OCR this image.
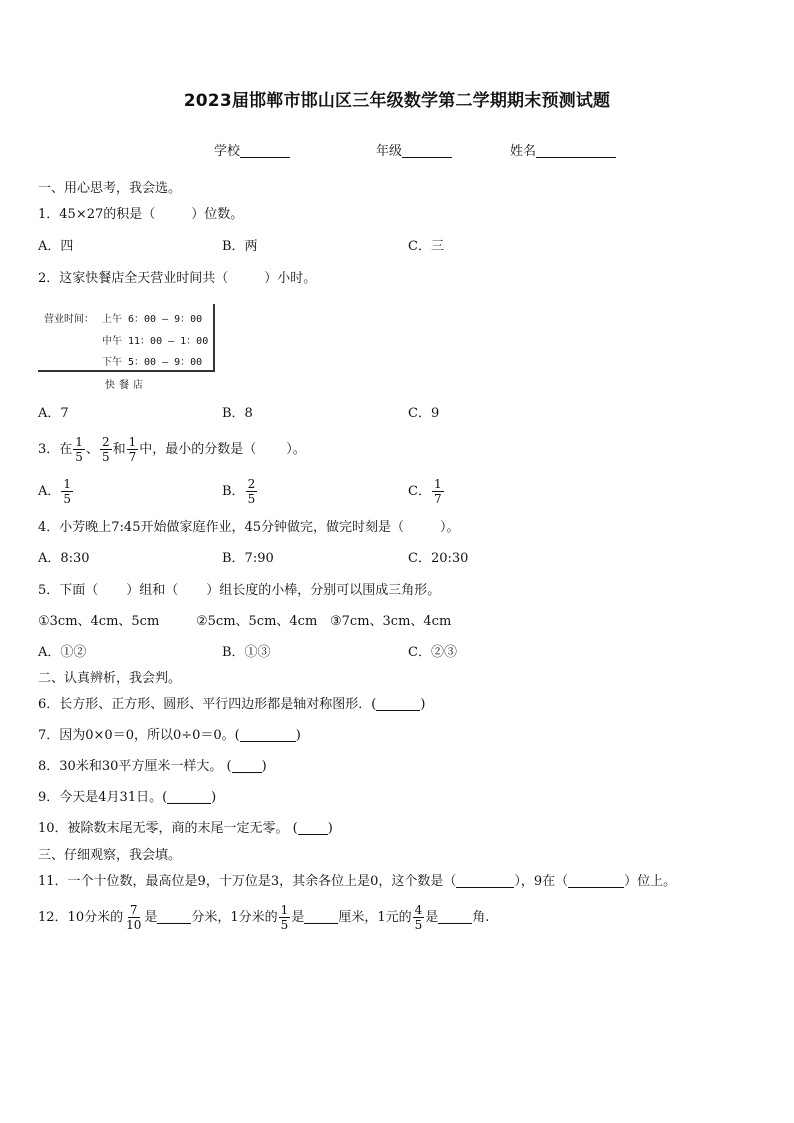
2023届邯郸市邯山区三年级数学第二学期期末预测试题
学校	年级	姓名
一、用心思考，我会选。
1．45×27的积是（	）位数。
A．四	B．两	C．三
2．这家快餐店全天营业时间共（	）小时。
营业时间： 上午 6：00 — 9：00
中午 11：00 — 1：00
下午 5：00 — 9：00
快餐店
A．7	B．8	C．9
3．在 $\frac{1}{5}$ 、 $\frac{2}{5}$ 和 $\frac{1}{7}$ 中，最小的分数是（ ）。
A． $\frac{1}{5}$	B． $\frac{2}{5}$	C． $\frac{1}{7}$
4．小芳晚上7:45开始做家庭作业，45分钟做完，做完时刻是（	）。
A．8:30	B．7:90	C．20:30
5．下面（ ）组和（ ）组长度的小棒，分别可以围成三角形。
①3cm、4cm、5cm	②5cm、5cm、4cm ③7cm、3cm、4cm
A．①②	B．①③	C．②③
二、认真辨析，我会判。
6．长方形、正方形、圆形、平行四边形都是轴对称图形．(	)
7．因为0×0＝0，所以0÷0＝0。(	)
8．30米和30平方厘米一样大。 ( )
9．今天是4月31日。(	)
10．被除数末尾无零，商的末尾一定无零。 ( )
三、仔细观察，我会填。
11．一个十位数，最高位是9，十万位是3，其余各位上是0，这个数是（	），9在（	）位上。
12．10分米的 $\frac{7}{10}$ 是	分米，1分米的 $\frac{1}{5}$ 是	厘米，1元的 $\frac{4}{5}$ 是	角.
